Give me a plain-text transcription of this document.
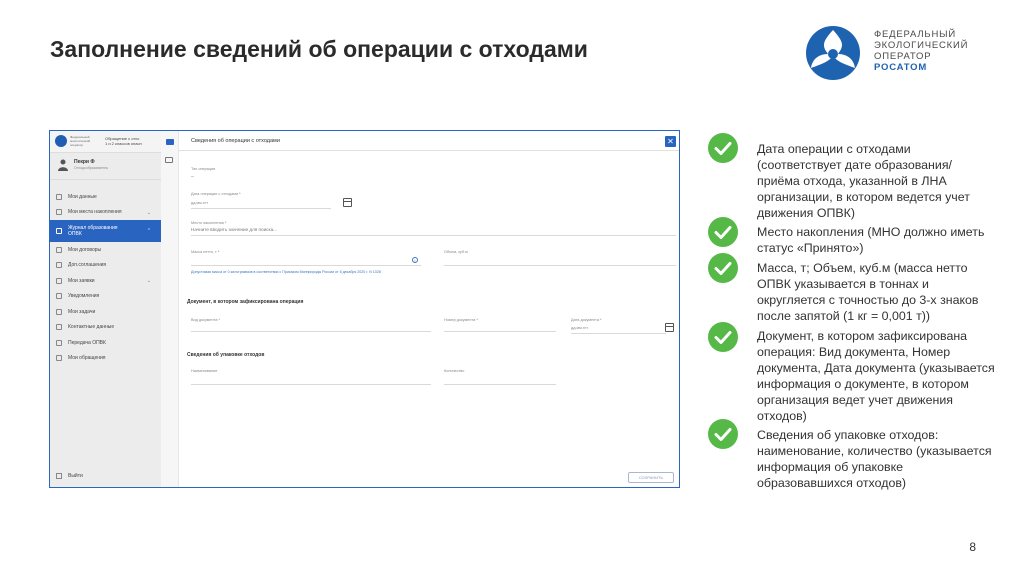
Заполнение сведений об операции с отходами
ФЕДЕРАЛЬНЫЙ
ЭКОЛОГИЧЕСКИЙ
ОПЕРАТОР
РОСАТОМ
Федеральный экологический оператор
Обращение с отхо
1 и 2 классов опасн
Пекри Ф
Отходообразователь
Мои данные
Мои места накопления	⌄
Журнал образования
ОПВК	⌃
Мои договоры
Доп.соглашения
Мои заявки	⌄
Уведомления
Мои задачи
Контактные данные
Передача ОПВК
Мои обращения
Выйти
Сведения об операции с отходами	✕
Тип операции
–
Дата операции с отходами *
дд.мм.гггг
Место накопления *
Начните вводить значение для поиска...
Масса нетто, т *
i
Объем, куб.м
Допустимая масса от 0 килограммов в соответствии с Приказом Минприроды России от 8 декабря 2020 г. N 1028
Документ, в котором зафиксирована операция
Вид документа *	Номер документа *	Дата документа *
дд.мм.гггг
Сведения об упаковке отходов
Наименование	Количество
СОХРАНИТЬ
Дата операции с отходами (соответствует дате образования/ приёма отхода, указанной в ЛНА организации, в котором ведется учет движения ОПВК)
Место накопления (МНО должно иметь статус «Принято»)
Масса, т; Объем, куб.м (масса нетто ОПВК указывается в тоннах и округляется с точностью до 3-х знаков после запятой (1 кг = 0,001 т))
Документ, в котором зафиксирована операция: Вид документа, Номер документа, Дата документа (указывается информация о документе, в котором организация ведет учет движения отходов)
Сведения об упаковке отходов: наименование, количество (указывается информация об упаковке образовавшихся отходов)
8
